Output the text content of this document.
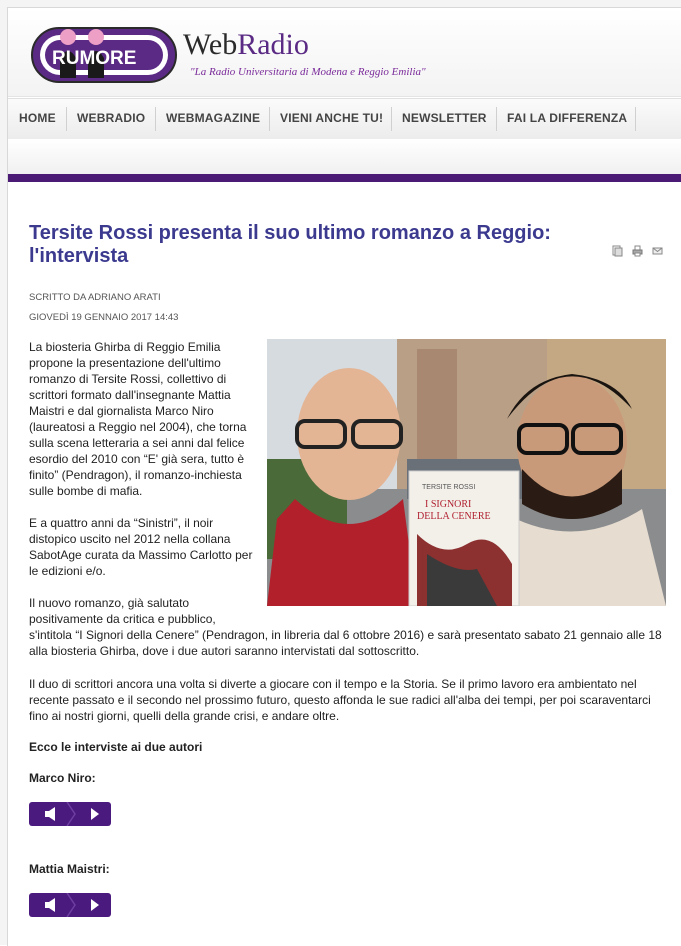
RUMORE WebRadio
"La Radio Universitaria di Modena e Reggio Emilia"
HOME WEBRADIO WEBMAGAZINE VIENI ANCHE TU! NEWSLETTER FAI LA DIFFERENZA
Tersite Rossi presenta il suo ultimo romanzo a Reggio: l'intervista
SCRITTO DA ADRIANO ARATI
GIOVEDÌ 19 GENNAIO 2017 14:43
TERSITE ROSSI
I SIGNORI
DELLA CENERE
La biosteria Ghirba di Reggio Emilia
propone la presentazione dell'ultimo
romanzo di Tersite Rossi, collettivo di
scrittori formato dall'insegnante Mattia
Maistri e dal giornalista Marco Niro
(laureatosi a Reggio nel 2004), che torna
sulla scena letteraria a sei anni dal felice
esordio del 2010 con “E' già sera, tutto è
finito” (Pendragon), il romanzo-inchiesta
sulle bombe di mafia.
E a quattro anni da “Sinistri”, il noir
distopico uscito nel 2012 nella collana
SabotAge curata da Massimo Carlotto per
le edizioni e/o.
Il nuovo romanzo, già salutato
positivamente da critica e pubblico,
s'intitola “I Signori della Cenere” (Pendragon, in libreria dal 6 ottobre 2016) e sarà presentato sabato 21 gennaio alle 18
alla biosteria Ghirba, dove i due autori saranno intervistati dal sottoscritto.
Il duo di scrittori ancora una volta si diverte a giocare con il tempo e la Storia. Se il primo lavoro era ambientato nel
recente passato e il secondo nel prossimo futuro, questo affonda le sue radici all'alba dei tempi, per poi scaraventarci
fino ai nostri giorni, quelli della grande crisi, e andare oltre.
Ecco le interviste ai due autori
Marco Niro:
Mattia Maistri:
